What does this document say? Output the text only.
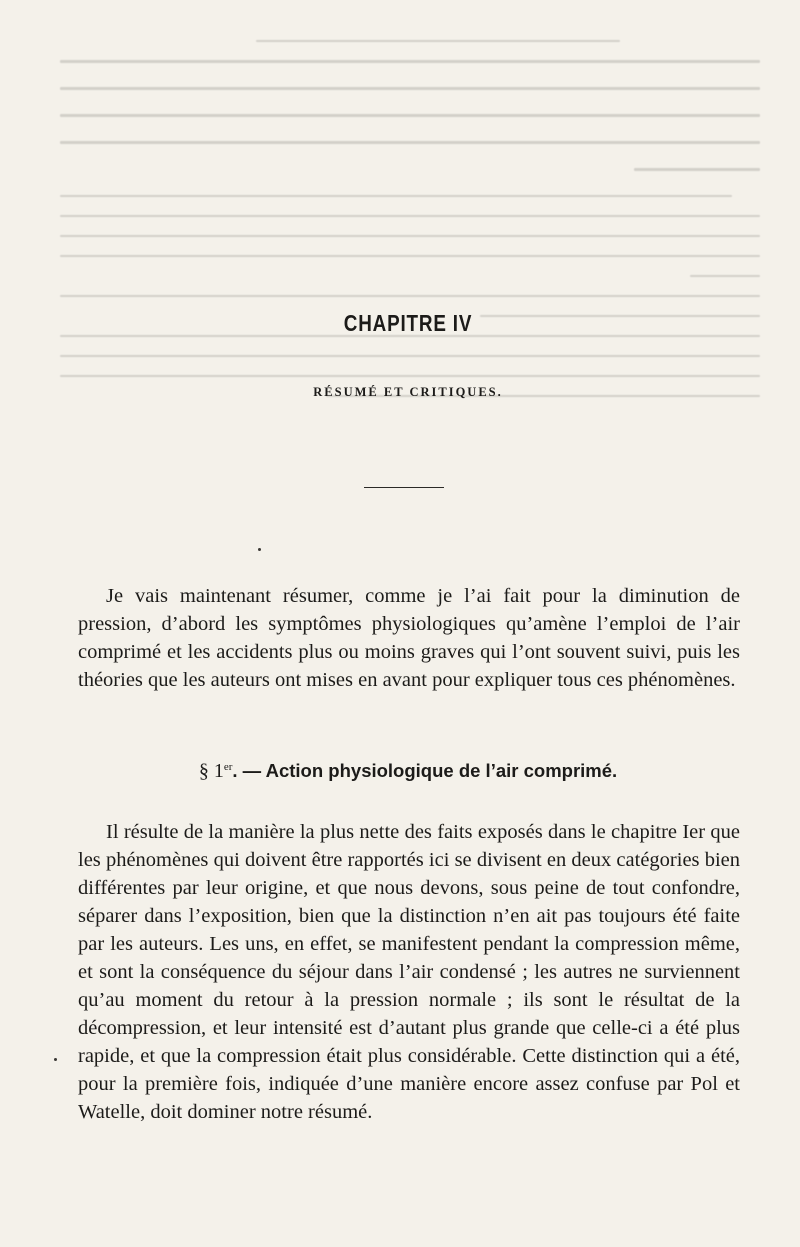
CHAPITRE IV
RÉSUMÉ ET CRITIQUES.

Je vais maintenant résumer, comme je l’ai fait pour la diminution de pression, d’abord les symptômes physiologiques qu’amène l’emploi de l’air comprimé et les accidents plus ou moins graves qui l’ont souvent suivi, puis les théories que les auteurs ont mises en avant pour expliquer tous ces phénomènes.

§ 1er. — Action physiologique de l’air comprimé.

Il résulte de la manière la plus nette des faits exposés dans le chapitre Ier que les phénomènes qui doivent être rapportés ici se divisent en deux catégories bien différentes par leur origine, et que nous devons, sous peine de tout confondre, séparer dans l’exposition, bien que la distinction n’en ait pas toujours été faite par les auteurs. Les uns, en effet, se manifestent pendant la compression même, et sont la conséquence du séjour dans l’air condensé ; les autres ne surviennent qu’au moment du retour à la pression normale ; ils sont le résultat de la décompression, et leur intensité est d’autant plus grande que celle-ci a été plus rapide, et que la compression était plus considérable. Cette distinction qui a été, pour la première fois, indiquée d’une manière encore assez confuse par Pol et Watelle, doit dominer notre résumé.
